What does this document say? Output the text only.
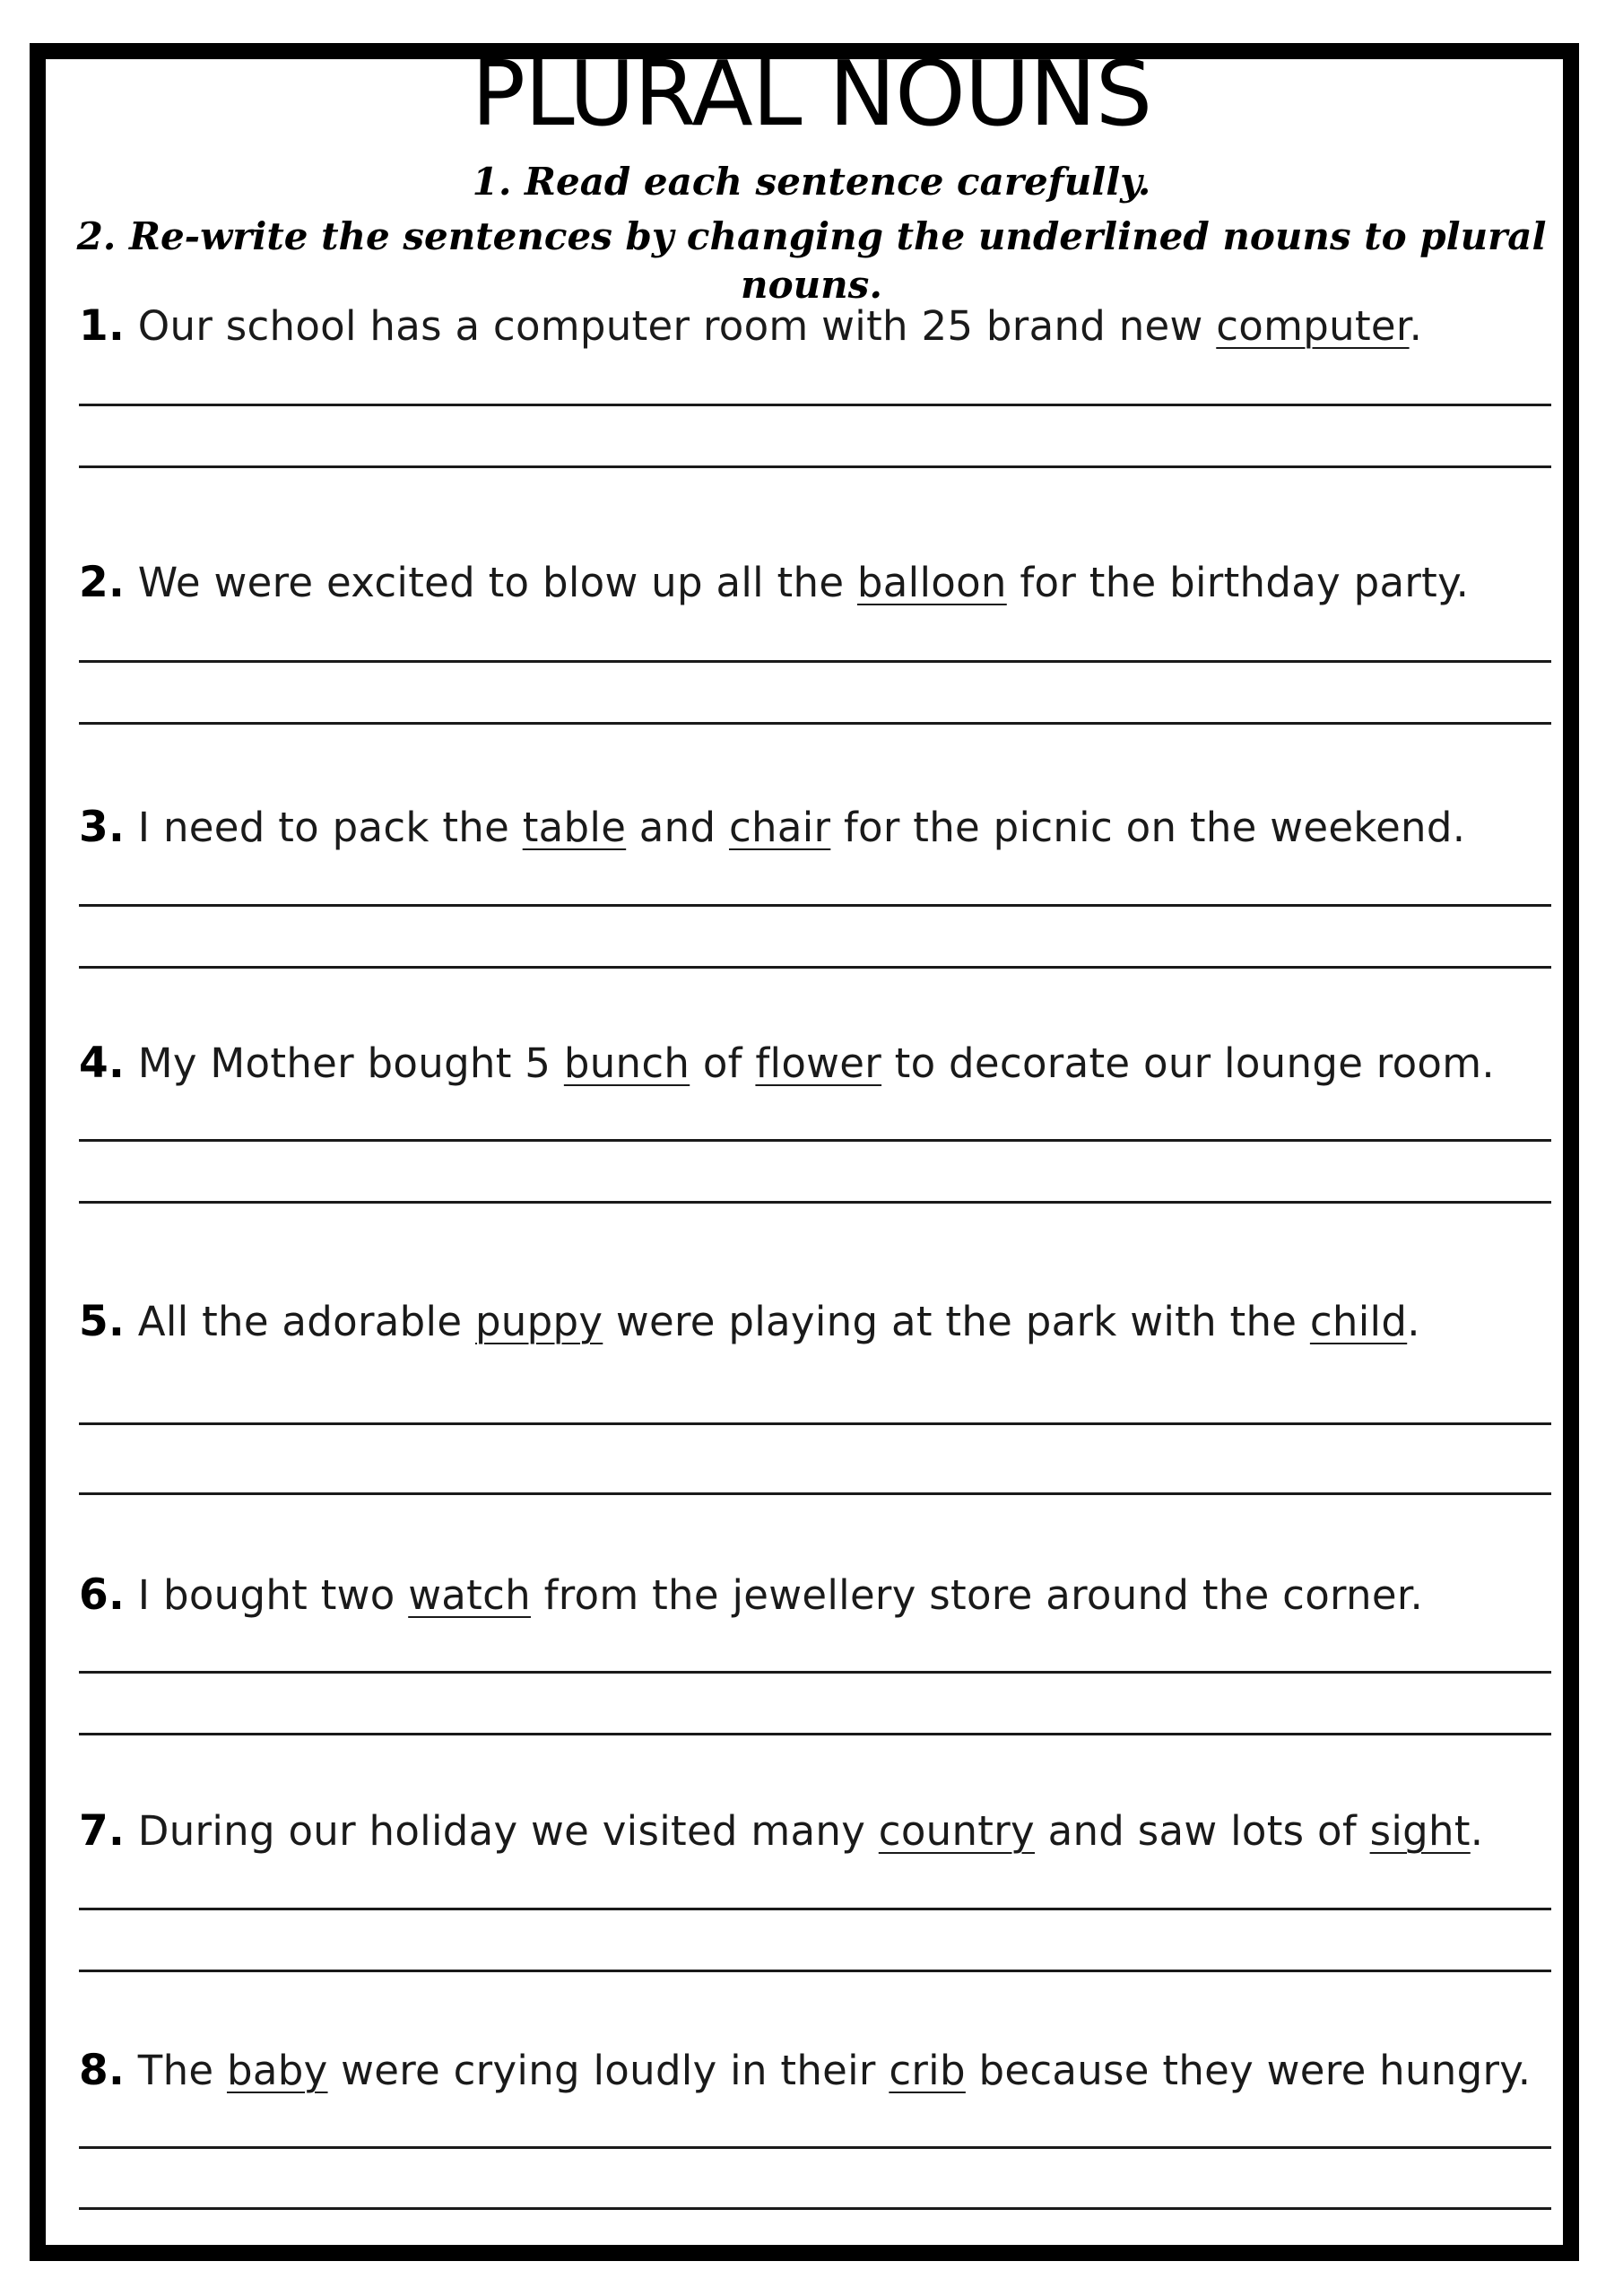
PLURAL NOUNS
1. Read each sentence carefully.
2. Re-write the sentences by changing the underlined nouns to plural nouns.
1. Our school has a computer room with 25 brand new computer.
2. We were excited to blow up all the balloon for the birthday party.
3. I need to pack the table and chair for the picnic on the weekend.
4. My Mother bought 5 bunch of flower to decorate our lounge room.
5. All the adorable puppy were playing at the park with the child.
6. I bought two watch from the jewellery store around the corner.
7. During our holiday we visited many country and saw lots of sight.
8. The baby were crying loudly in their crib because they were hungry.
